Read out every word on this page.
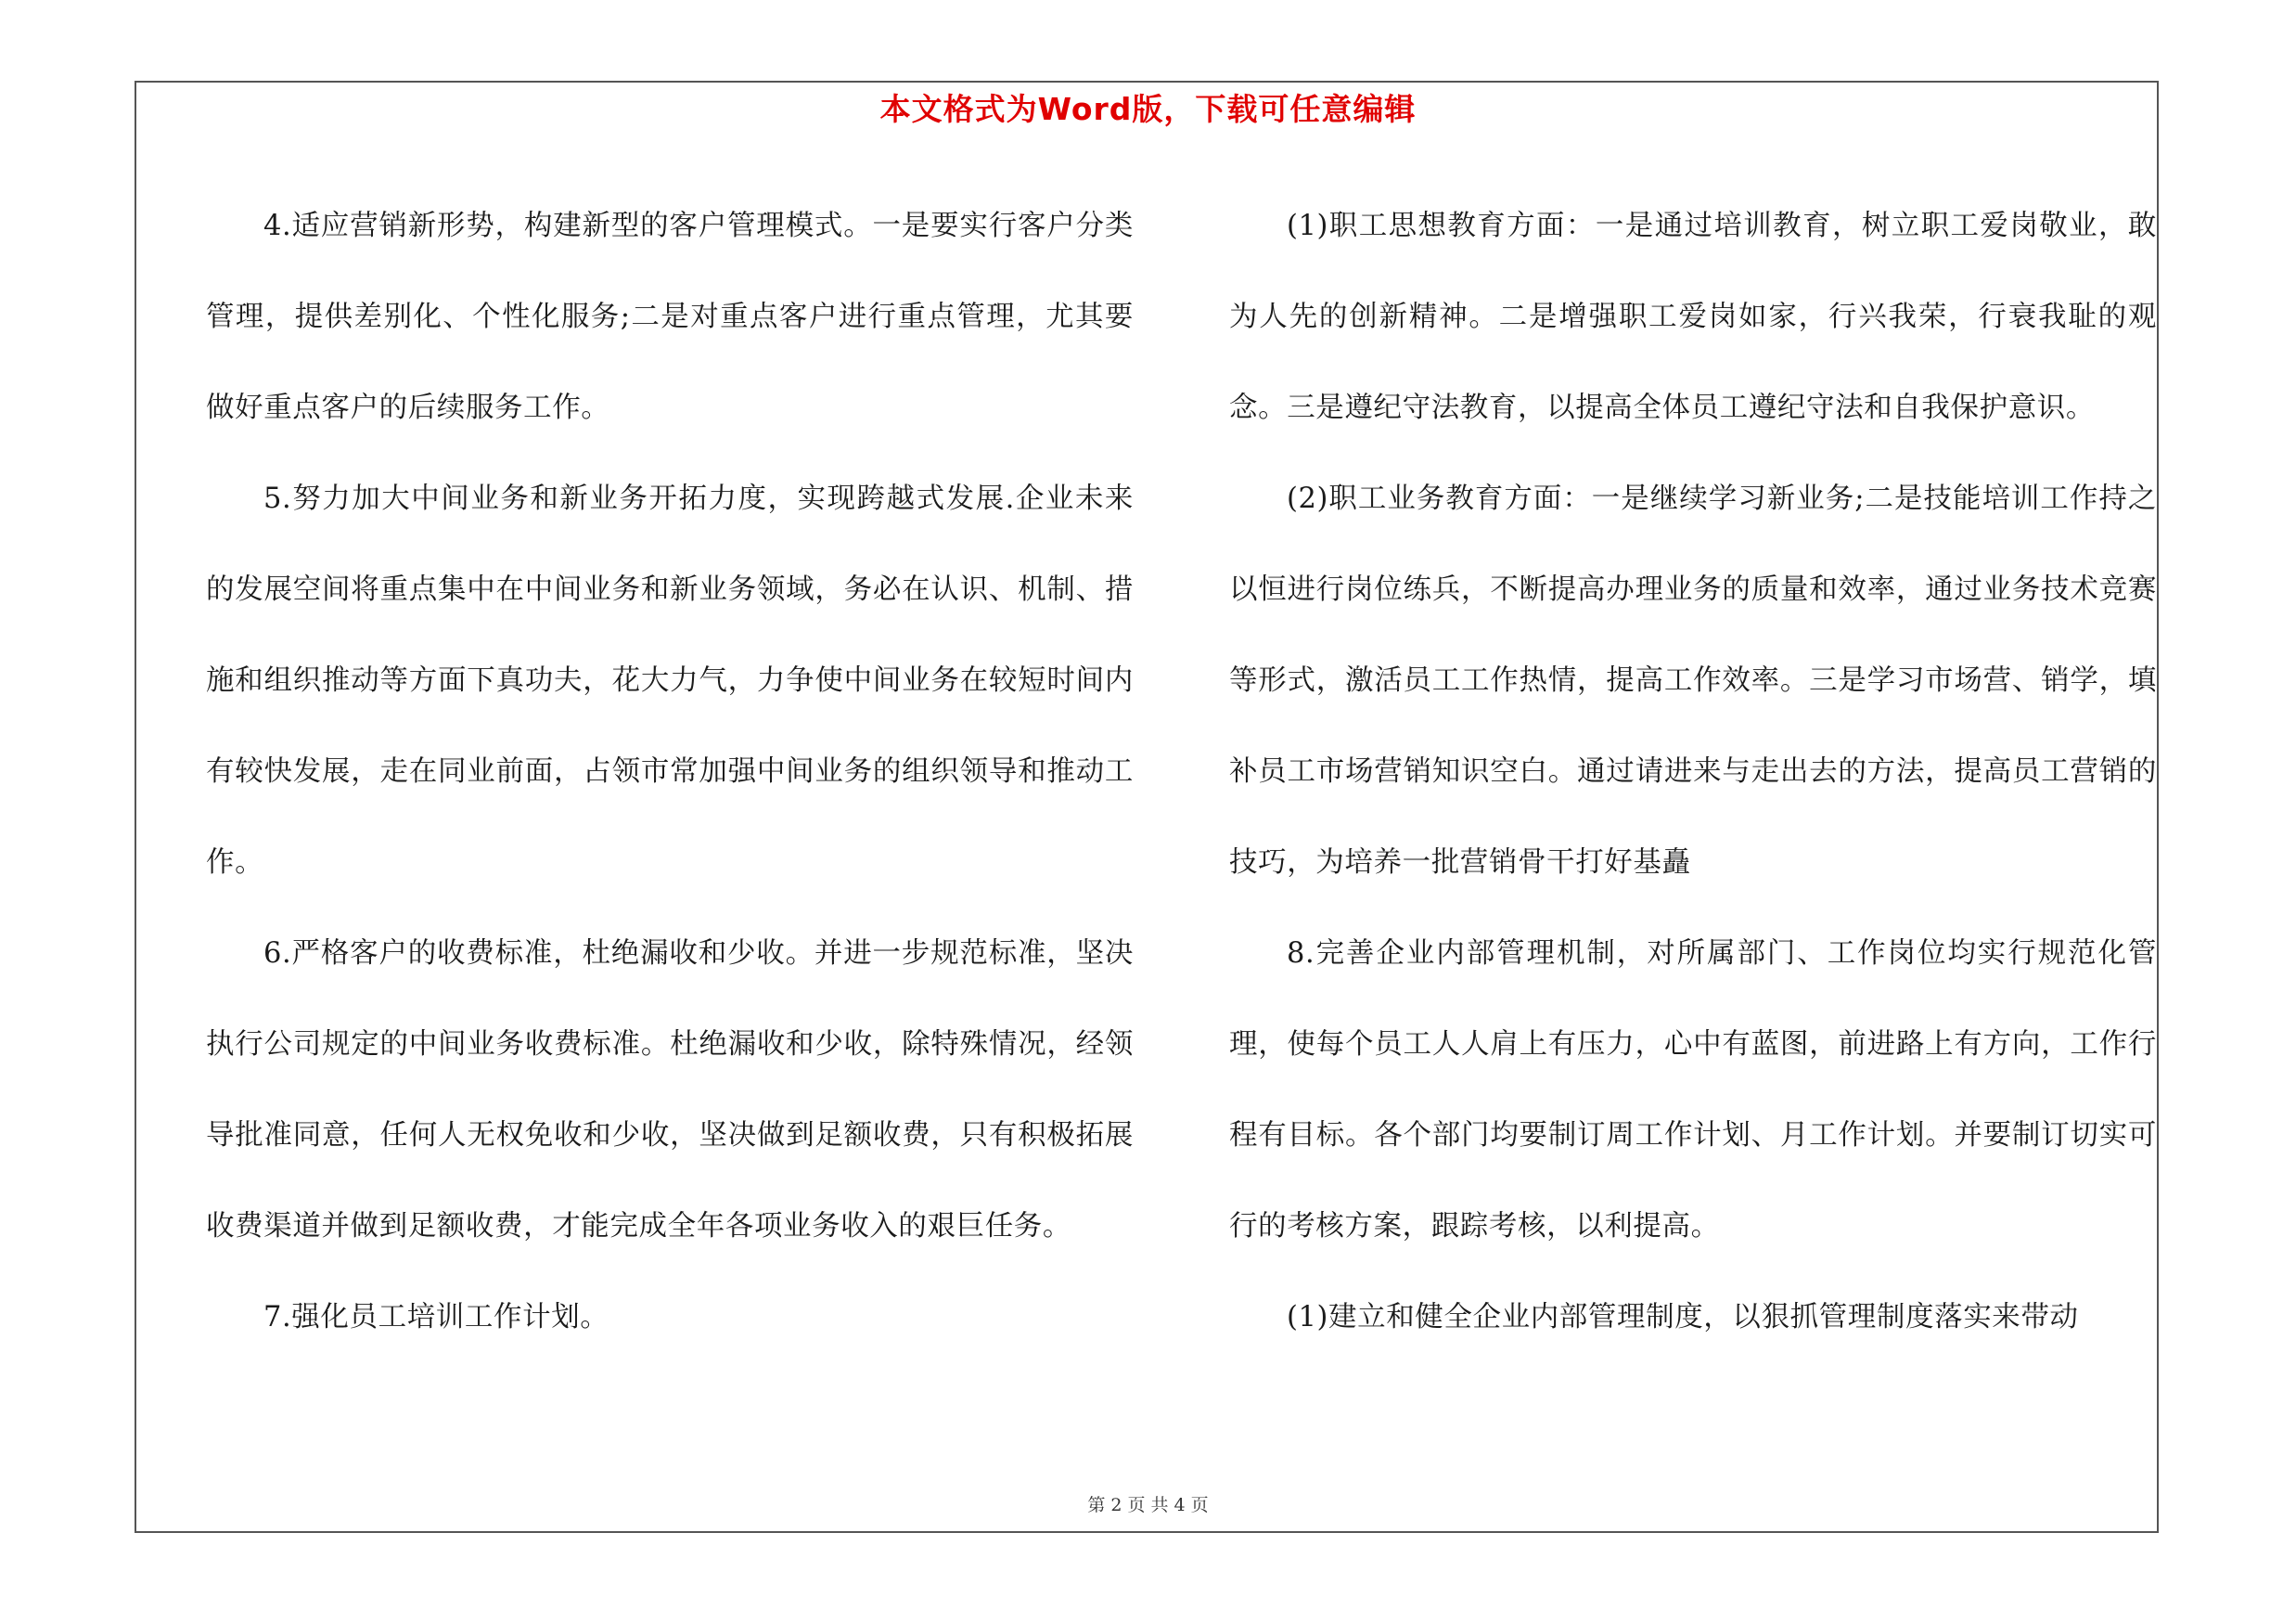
本文格式为Word版，下载可任意编辑

4.适应营销新形势，构建新型的客户管理模式。一是要实行客户分类管理，提供差别化、个性化服务;二是对重点客户进行重点管理，尤其要做好重点客户的后续服务工作。

5.努力加大中间业务和新业务开拓力度，实现跨越式发展.企业未来的发展空间将重点集中在中间业务和新业务领域，务必在认识、机制、措施和组织推动等方面下真功夫，花大力气，力争使中间业务在较短时间内有较快发展，走在同业前面，占领市常加强中间业务的组织领导和推动工作。

6.严格客户的收费标准，杜绝漏收和少收。并进一步规范标准，坚决执行公司规定的中间业务收费标准。杜绝漏收和少收，除特殊情况，经领导批准同意，任何人无权免收和少收，坚决做到足额收费，只有积极拓展收费渠道并做到足额收费，才能完成全年各项业务收入的艰巨任务。

7.强化员工培训工作计划。

(1)职工思想教育方面：一是通过培训教育，树立职工爱岗敬业，敢为人先的创新精神。二是增强职工爱岗如家，行兴我荣，行衰我耻的观念。三是遵纪守法教育，以提高全体员工遵纪守法和自我保护意识。

(2)职工业务教育方面：一是继续学习新业务;二是技能培训工作持之以恒进行岗位练兵，不断提高办理业务的质量和效率，通过业务技术竞赛等形式，激活员工工作热情，提高工作效率。三是学习市场营、销学，填补员工市场营销知识空白。通过请进来与走出去的方法，提高员工营销的技巧，为培养一批营销骨干打好基矗

8.完善企业内部管理机制，对所属部门、工作岗位均实行规范化管理，使每个员工人人肩上有压力，心中有蓝图，前进路上有方向，工作行程有目标。各个部门均要制订周工作计划、月工作计划。并要制订切实可行的考核方案，跟踪考核，以利提高。

(1)建立和健全企业内部管理制度，以狠抓管理制度落实来带动

第 2 页 共 4 页
